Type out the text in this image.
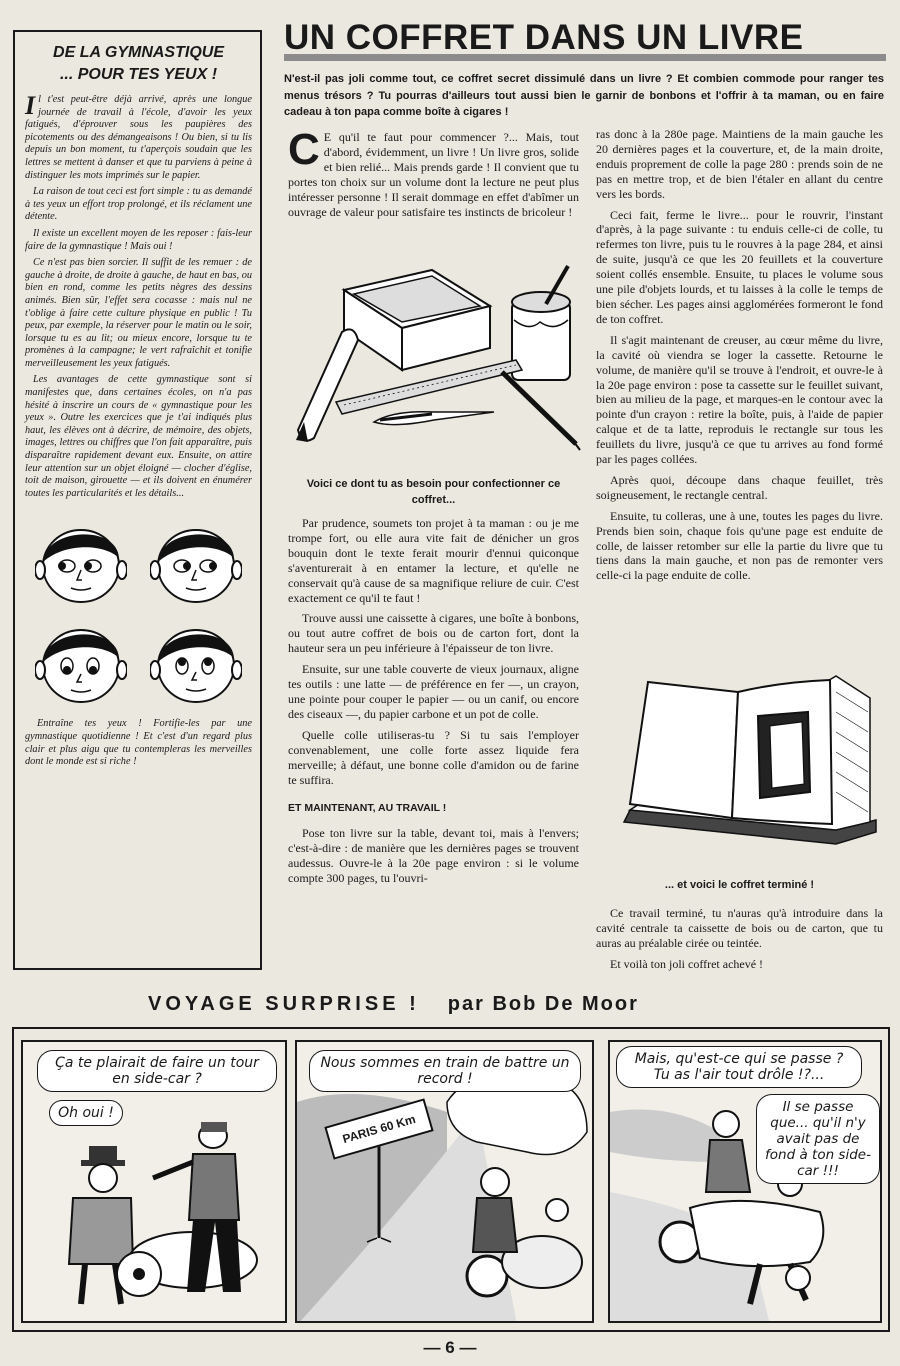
DE LA GYMNASTIQUE
... POUR TES YEUX !

Il t'est peut-être déjà arrivé, après une longue journée de travail à l'école, d'avoir les yeux fatigués, d'éprouver sous les paupières des picotements ou des démangeaisons ! Ou bien, si tu lis depuis un bon moment, tu t'aperçois soudain que les lettres se mettent à danser et que tu parviens à peine à distinguer les mots imprimés sur le papier.

La raison de tout ceci est fort simple : tu as demandé à tes yeux un effort trop prolongé, et ils réclament une détente.

Il existe un excellent moyen de les reposer : fais-leur faire de la gymnastique ! Mais oui !

Ce n'est pas bien sorcier. Il suffit de les remuer : de gauche à droite, de droite à gauche, de haut en bas, ou bien en rond, comme les petits nègres des dessins animés. Bien sûr, l'effet sera cocasse : mais nul ne t'oblige à faire cette culture physique en public ! Tu peux, par exemple, la réserver pour le matin ou le soir, lorsque tu es au lit; ou mieux encore, lorsque tu te promènes à la campagne; le vert rafraîchit et tonifie merveilleusement les yeux fatigués.

Les avantages de cette gymnastique sont si manifestes que, dans certaines écoles, on n'a pas hésité à inscrire un cours de « gymnastique pour les yeux ». Outre les exercices que je t'ai indiqués plus haut, les élèves ont à décrire, de mémoire, des objets, images, lettres ou chiffres que l'on fait apparaître, puis disparaître rapidement devant eux. Ensuite, on attire leur attention sur un objet éloigné — clocher d'église, toit de maison, girouette — et ils doivent en énumérer toutes les particularités et les détails...

Entraîne tes yeux ! Fortifie-les par une gymnastique quotidienne ! Et c'est d'un regard plus clair et plus aigu que tu contempleras les merveilles dont le monde est si riche !

UN COFFRET DANS UN LIVRE

N'est-il pas joli comme tout, ce coffret secret dissimulé dans un livre ? Et combien commode pour ranger tes menus trésors ? Tu pourras d'ailleurs tout aussi bien le garnir de bonbons et l'offrir à ta maman, ou en faire cadeau à ton papa comme boîte à cigares !

C E qu'il te faut pour commencer ?... Mais, tout d'abord, évidemment, un livre ! Un livre gros, solide et bien relié... Mais prends garde ! Il convient que tu portes ton choix sur un volume dont la lecture ne peut plus intéresser personne ! Il serait dommage en effet d'abîmer un ouvrage de valeur pour satisfaire tes instincts de bricoleur !

Voici ce dont tu as besoin pour confectionner ce coffret...

Par prudence, soumets ton projet à ta maman : ou je me trompe fort, ou elle aura vite fait de dénicher un gros bouquin dont le texte ferait mourir d'ennui quiconque s'aventurerait à en entamer la lecture, et qu'elle ne conservait qu'à cause de sa magnifique reliure de cuir. C'est exactement ce qu'il te faut !

Trouve aussi une caissette à cigares, une boîte à bonbons, ou tout autre coffret de bois ou de carton fort, dont la hauteur sera un peu inférieure à l'épaisseur de ton livre.

Ensuite, sur une table couverte de vieux journaux, aligne tes outils : une latte — de préférence en fer —, un crayon, une pointe pour couper le papier — ou un canif, ou encore des ciseaux —, du papier carbone et un pot de colle.

Quelle colle utiliseras-tu ? Si tu sais l'employer convenablement, une colle forte assez liquide fera merveille; à défaut, une bonne colle d'amidon ou de farine te suffira.

ET MAINTENANT, AU TRAVAIL !

Pose ton livre sur la table, devant toi, mais à l'envers; c'est-à-dire : de manière que les dernières pages se trouvent audessus. Ouvre-le à la 20e page environ : si le volume compte 300 pages, tu l'ouvri-

ras donc à la 280e page. Maintiens de la main gauche les 20 dernières pages et la couverture, et, de la main droite, enduis proprement de colle la page 280 : prends soin de ne pas en mettre trop, et de bien l'étaler en allant du centre vers les bords.

Ceci fait, ferme le livre... pour le rouvrir, l'instant d'après, à la page suivante : tu enduis celle-ci de colle, tu refermes ton livre, puis tu le rouvres à la page 284, et ainsi de suite, jusqu'à ce que les 20 feuillets et la couverture soient collés ensemble. Ensuite, tu places le volume sous une pile d'objets lourds, et tu laisses à la colle le temps de bien sécher. Les pages ainsi agglomérées formeront le fond de ton coffret.

Il s'agit maintenant de creuser, au cœur même du livre, la cavité où viendra se loger la cassette. Retourne le volume, de manière qu'il se trouve à l'endroit, et ouvre-le à la 20e page environ : pose ta cassette sur le feuillet suivant, bien au milieu de la page, et marques-en le contour avec la pointe d'un crayon : retire la boîte, puis, à l'aide de papier calque et de ta latte, reproduis le rectangle sur tous les feuillets du livre, jusqu'à ce que tu arrives au fond formé par les pages collées.

Après quoi, découpe dans chaque feuillet, très soigneusement, le rectangle central.

Ensuite, tu colleras, une à une, toutes les pages du livre. Prends bien soin, chaque fois qu'une page est enduite de colle, de laisser retomber sur elle la partie du livre que tu tiens dans la main gauche, et non pas de remonter vers celle-ci la page enduite de colle.

... et voici le coffret terminé !

Ce travail terminé, tu n'auras qu'à introduire dans la cavité centrale ta caissette de bois ou de carton, que tu auras au préalable cirée ou teintée.

Et voilà ton joli coffret achevé !

VOYAGE SURPRISE ! par Bob De Moor
Ça te plairait de faire un tour en side-car ?
Oh oui !	PARIS 60 Km
Nous sommes en train de battre un record !
Mais, qu'est-ce qui se passe ? Tu as l'air tout drôle !?...
Il se passe que... qu'il n'y avait pas de fond à ton side-car !!!
— 6 —
